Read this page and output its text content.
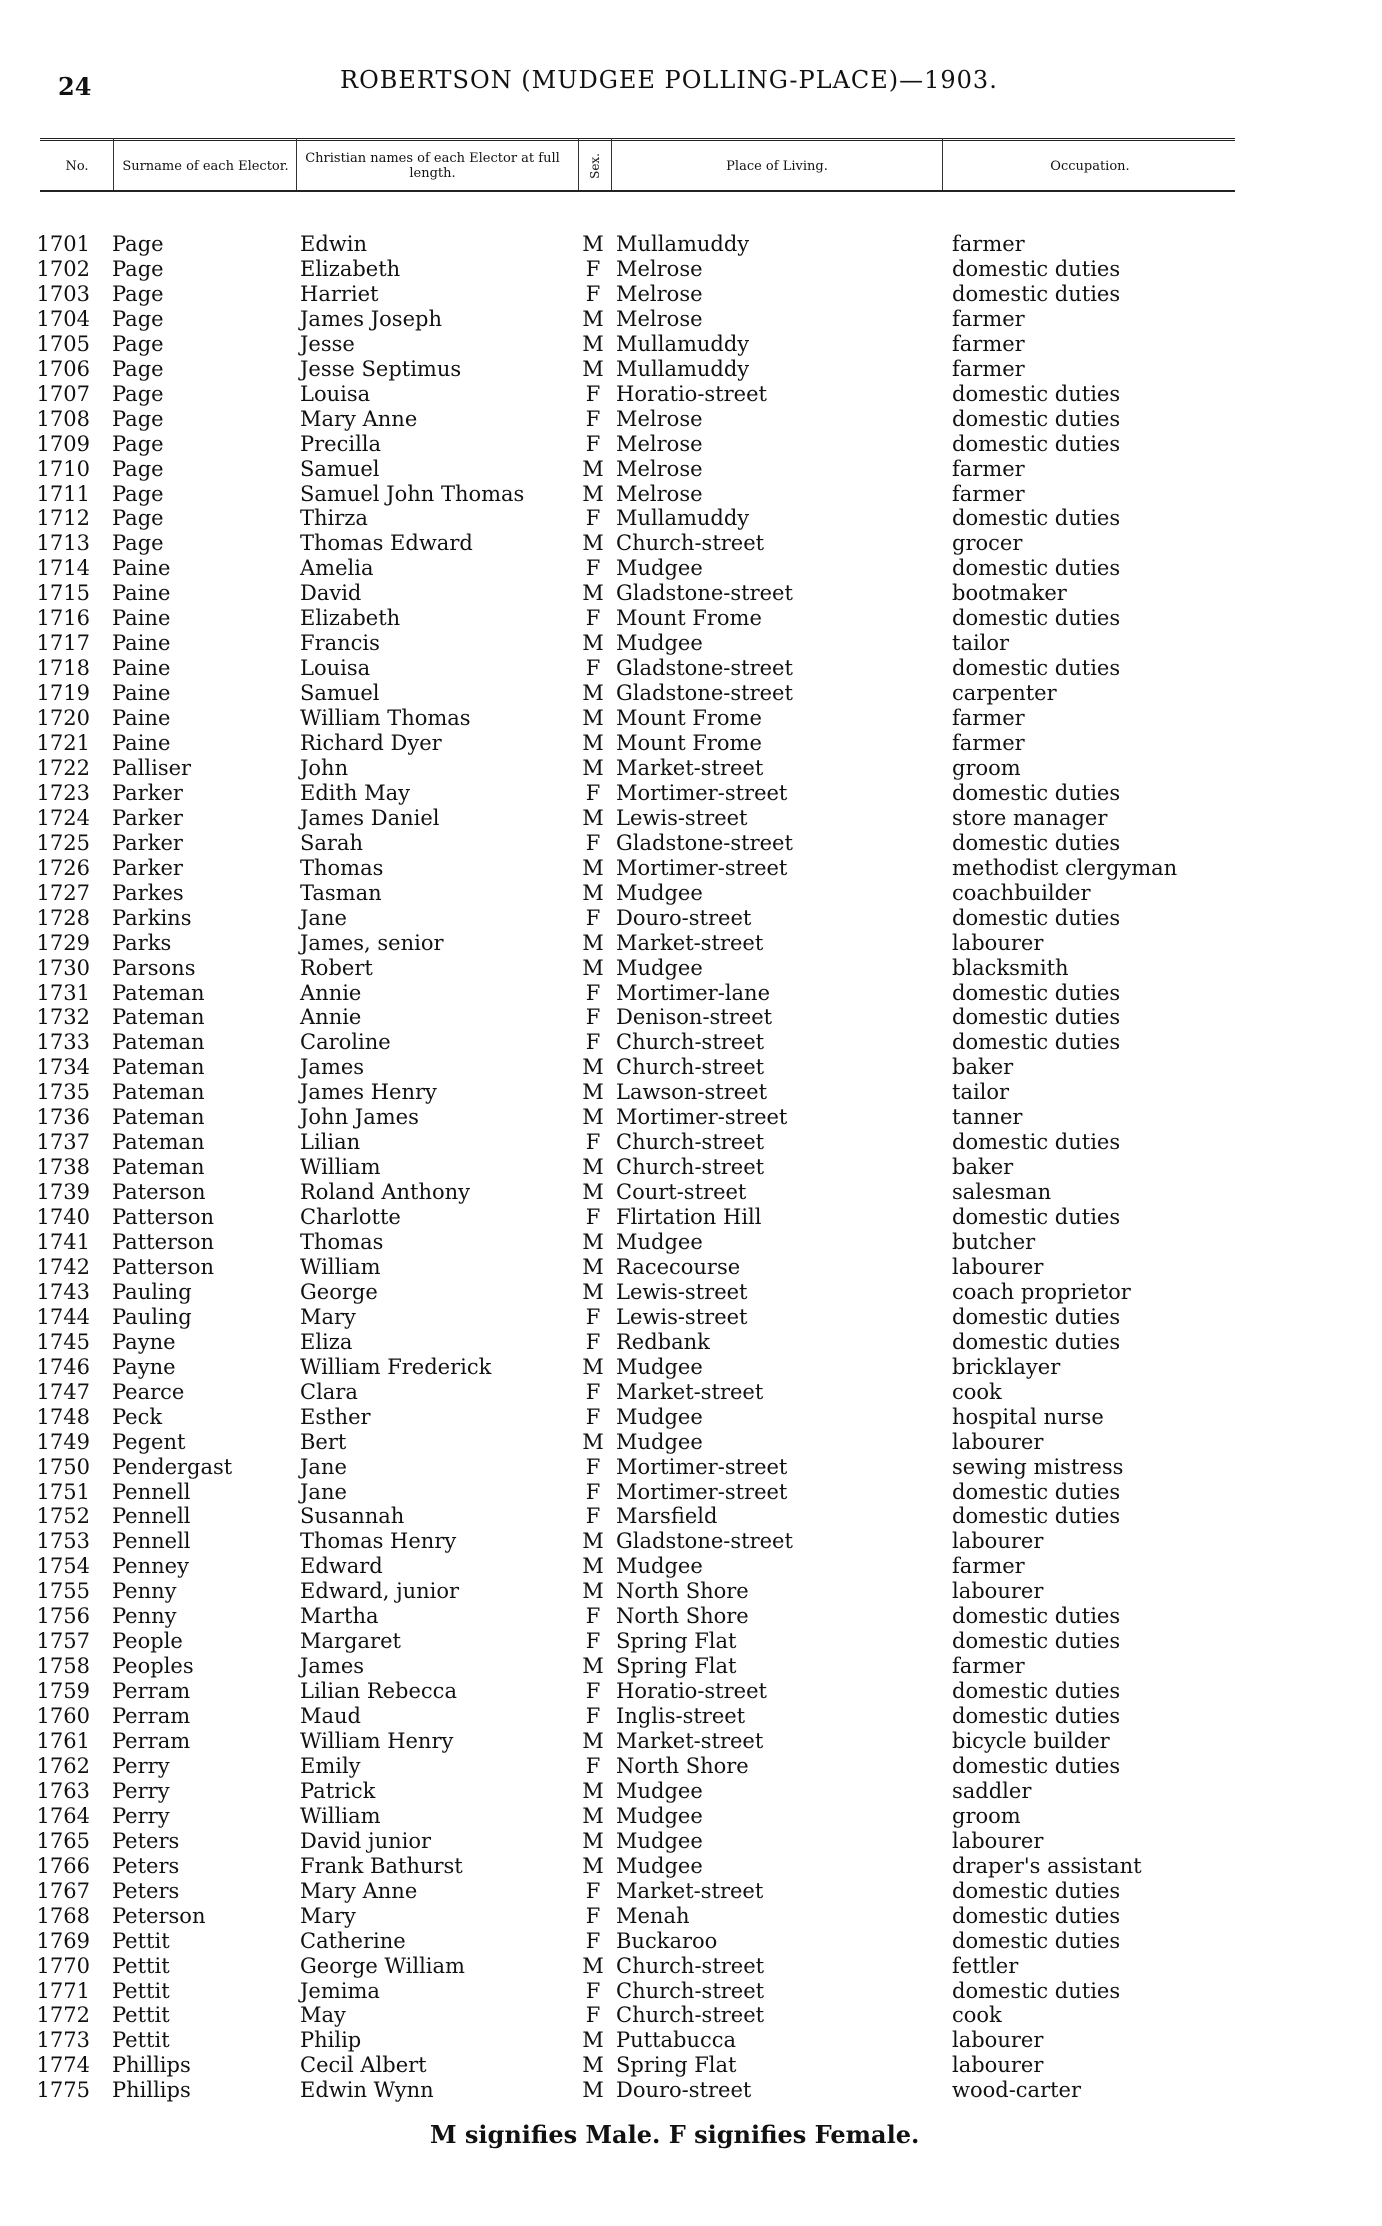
24	ROBERTSON (MUDGEE POLLING-PLACE)—1903.
No.	Surname of each Elector.	Christian names of each Elector at full length.	Sex.	Place of Living.	Occupation.
1701 Page	Edwin	M Mullamuddy	farmer
1702 Page	Elizabeth	F Melrose	domestic duties
1703 Page	Harriet	F Melrose	domestic duties
1704 Page	James Joseph	M Melrose	farmer
1705 Page	Jesse	M Mullamuddy	farmer
1706 Page	Jesse Septimus	M Mullamuddy	farmer
1707 Page	Louisa	F Horatio-street	domestic duties
1708 Page	Mary Anne	F Melrose	domestic duties
1709 Page	Precilla	F Melrose	domestic duties
1710 Page	Samuel	M Melrose	farmer
1711 Page	Samuel John Thomas	M Melrose	farmer
1712 Page	Thirza	F Mullamuddy	domestic duties
1713 Page	Thomas Edward	M Church-street	grocer
1714 Paine	Amelia	F Mudgee	domestic duties
1715 Paine	David	M Gladstone-street	bootmaker
1716 Paine	Elizabeth	F Mount Frome	domestic duties
1717 Paine	Francis	M Mudgee	tailor
1718 Paine	Louisa	F Gladstone-street	domestic duties
1719 Paine	Samuel	M Gladstone-street	carpenter
1720 Paine	William Thomas	M Mount Frome	farmer
1721 Paine	Richard Dyer	M Mount Frome	farmer
1722 Palliser	John	M Market-street	groom
1723 Parker	Edith May	F Mortimer-street	domestic duties
1724 Parker	James Daniel	M Lewis-street	store manager
1725 Parker	Sarah	F Gladstone-street	domestic duties
1726 Parker	Thomas	M Mortimer-street	methodist clergyman
1727 Parkes	Tasman	M Mudgee	coachbuilder
1728 Parkins	Jane	F Douro-street	domestic duties
1729 Parks	James, senior	M Market-street	labourer
1730 Parsons	Robert	M Mudgee	blacksmith
1731 Pateman	Annie	F Mortimer-lane	domestic duties
1732 Pateman	Annie	F Denison-street	domestic duties
1733 Pateman	Caroline	F Church-street	domestic duties
1734 Pateman	James	M Church-street	baker
1735 Pateman	James Henry	M Lawson-street	tailor
1736 Pateman	John James	M Mortimer-street	tanner
1737 Pateman	Lilian	F Church-street	domestic duties
1738 Pateman	William	M Church-street	baker
1739 Paterson	Roland Anthony	M Court-street	salesman
1740 Patterson	Charlotte	F Flirtation Hill	domestic duties
1741 Patterson	Thomas	M Mudgee	butcher
1742 Patterson	William	M Racecourse	labourer
1743 Pauling	George	M Lewis-street	coach proprietor
1744 Pauling	Mary	F Lewis-street	domestic duties
1745 Payne	Eliza	F Redbank	domestic duties
1746 Payne	William Frederick	M Mudgee	bricklayer
1747 Pearce	Clara	F Market-street	cook
1748 Peck	Esther	F Mudgee	hospital nurse
1749 Pegent	Bert	M Mudgee	labourer
1750 Pendergast	Jane	F Mortimer-street	sewing mistress
1751 Pennell	Jane	F Mortimer-street	domestic duties
1752 Pennell	Susannah	F Marsfield	domestic duties
1753 Pennell	Thomas Henry	M Gladstone-street	labourer
1754 Penney	Edward	M Mudgee	farmer
1755 Penny	Edward, junior	M North Shore	labourer
1756 Penny	Martha	F North Shore	domestic duties
1757 People	Margaret	F Spring Flat	domestic duties
1758 Peoples	James	M Spring Flat	farmer
1759 Perram	Lilian Rebecca	F Horatio-street	domestic duties
1760 Perram	Maud	F Inglis-street	domestic duties
1761 Perram	William Henry	M Market-street	bicycle builder
1762 Perry	Emily	F North Shore	domestic duties
1763 Perry	Patrick	M Mudgee	saddler
1764 Perry	William	M Mudgee	groom
1765 Peters	David junior	M Mudgee	labourer
1766 Peters	Frank Bathurst	M Mudgee	draper's assistant
1767 Peters	Mary Anne	F Market-street	domestic duties
1768 Peterson	Mary	F Menah	domestic duties
1769 Pettit	Catherine	F Buckaroo	domestic duties
1770 Pettit	George William	M Church-street	fettler
1771 Pettit	Jemima	F Church-street	domestic duties
1772 Pettit	May	F Church-street	cook
1773 Pettit	Philip	M Puttabucca	labourer
1774 Phillips	Cecil Albert	M Spring Flat	labourer
1775 Phillips	Edwin Wynn	M Douro-street	wood-carter
M signifies Male. F signifies Female.
